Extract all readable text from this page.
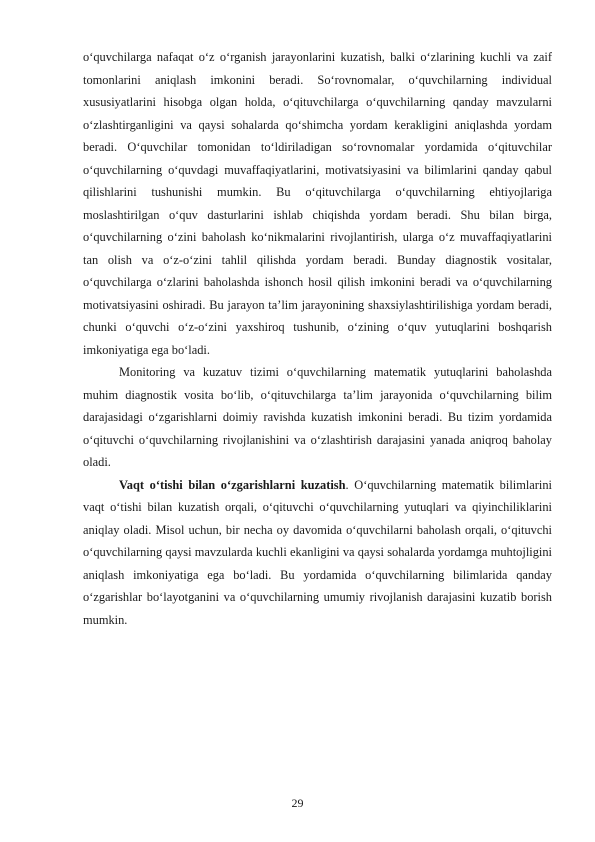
o‘quvchilarga nafaqat o‘z o‘rganish jarayonlarini kuzatish, balki o‘zlarining kuchli va zaif tomonlarini aniqlash imkonini beradi. So‘rovnomalar, o‘quvchilarning individual xususiyatlarini hisobga olgan holda, o‘qituvchilarga o‘quvchilarning qanday mavzularni o‘zlashtirganligini va qaysi sohalarda qo‘shimcha yordam kerakligini aniqlashda yordam beradi. O‘quvchilar tomonidan to‘ldiriladigan so‘rovnomalar yordamida o‘qituvchilar o‘quvchilarning o‘quvdagi muvaffaqiyatlarini, motivatsiyasini va bilimlarini qanday qabul qilishlarini tushunishi mumkin. Bu o‘qituvchilarga o‘quvchilarning ehtiyojlariga moslashtirilgan o‘quv dasturlarini ishlab chiqishda yordam beradi. Shu bilan birga, o‘quvchilarning o‘zini baholash ko‘nikmalarini rivojlantirish, ularga o‘z muvaffaqiyatlarini tan olish va o‘z-o‘zini tahlil qilishda yordam beradi. Bunday diagnostik vositalar, o‘quvchilarga o‘zlarini baholashda ishonch hosil qilish imkonini beradi va o‘quvchilarning motivatsiyasini oshiradi. Bu jarayon ta’lim jarayonining shaxsiylashtirilishiga yordam beradi, chunki o‘quvchi o‘z-o‘zini yaxshiroq tushunib, o‘zining o‘quv yutuqlarini boshqarish imkoniyatiga ega bo‘ladi.

Monitoring va kuzatuv tizimi o‘quvchilarning matematik yutuqlarini baholashda muhim diagnostik vosita bo‘lib, o‘qituvchilarga ta’lim jarayonida o‘quvchilarning bilim darajasidagi o‘zgarishlarni doimiy ravishda kuzatish imkonini beradi. Bu tizim yordamida o‘qituvchi o‘quvchilarning rivojlanishini va o‘zlashtirish darajasini yanada aniqroq baholay oladi.

Vaqt o‘tishi bilan o‘zgarishlarni kuzatish. O‘quvchilarning matematik bilimlarini vaqt o‘tishi bilan kuzatish orqali, o‘qituvchi o‘quvchilarning yutuqlari va qiyinchiliklarini aniqlay oladi. Misol uchun, bir necha oy davomida o‘quvchilarni baholash orqali, o‘qituvchi o‘quvchilarning qaysi mavzularda kuchli ekanligini va qaysi sohalarda yordamga muhtojligini aniqlash imkoniyatiga ega bo‘ladi. Bu yordamida o‘quvchilarning bilimlarida qanday o‘zgarishlar bo‘layotganini va o‘quvchilarning umumiy rivojlanish darajasini kuzatib borish mumkin.

29
